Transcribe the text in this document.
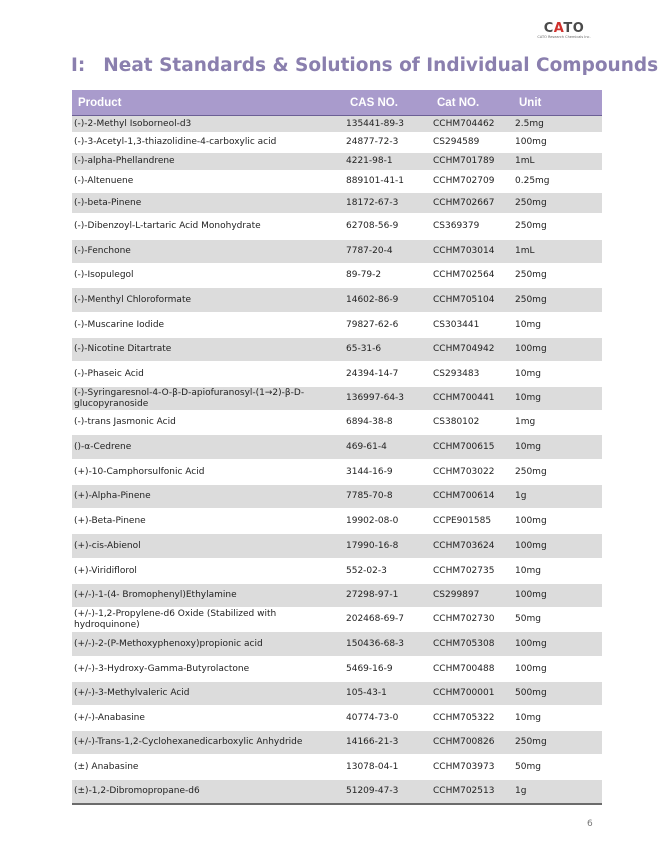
CATO
CATO Research Chemicals Inc.
Ⅰ: Neat Standards & Solutions of Individual Compounds
Product	CAS NO.	Cat NO.	Unit
(-)-2-Methyl Isoborneol-d3	135441-89-3	CCHM704462	2.5mg
(-)-3-Acetyl-1,3-thiazolidine-4-carboxylic acid	24877-72-3	CS294589	100mg
(-)-alpha-Phellandrene	4221-98-1	CCHM701789	1mL
(-)-Altenuene	889101-41-1	CCHM702709	0.25mg
(-)-beta-Pinene	18172-67-3	CCHM702667	250mg
(-)-Dibenzoyl-L-tartaric Acid Monohydrate	62708-56-9	CS369379	250mg
(-)-Fenchone	7787-20-4	CCHM703014	1mL
(-)-Isopulegol	89-79-2	CCHM702564	250mg
(-)-Menthyl Chloroformate	14602-86-9	CCHM705104	250mg
(-)-Muscarine Iodide	79827-62-6	CS303441	10mg
(-)-Nicotine Ditartrate	65-31-6	CCHM704942	100mg
(-)-Phaseic Acid	24394-14-7	CS293483	10mg
(-)-Syringaresnol-4-O-β-D-apiofuranosyl-(1→2)-β-D-glucopyranoside	136997-64-3	CCHM700441	10mg
(-)-trans Jasmonic Acid	6894-38-8	CS380102	1mg
()-α-Cedrene	469-61-4	CCHM700615	10mg
(+)-10-Camphorsulfonic Acid	3144-16-9	CCHM703022	250mg
(+)-Alpha-Pinene	7785-70-8	CCHM700614	1g
(+)-Beta-Pinene	19902-08-0	CCPE901585	100mg
(+)-cis-Abienol	17990-16-8	CCHM703624	100mg
(+)-Viridiflorol	552-02-3	CCHM702735	10mg
(+/-)-1-(4- Bromophenyl)Ethylamine	27298-97-1	CS299897	100mg
(+/-)-1,2-Propylene-d6 Oxide (Stabilized with hydroquinone)	202468-69-7	CCHM702730	50mg
(+/-)-2-(P-Methoxyphenoxy)propionic acid	150436-68-3	CCHM705308	100mg
(+/-)-3-Hydroxy-Gamma-Butyrolactone	5469-16-9	CCHM700488	100mg
(+/-)-3-Methylvaleric Acid	105-43-1	CCHM700001	500mg
(+/-)-Anabasine	40774-73-0	CCHM705322	10mg
(+/-)-Trans-1,2-Cyclohexanedicarboxylic Anhydride	14166-21-3	CCHM700826	250mg
(±) Anabasine	13078-04-1	CCHM703973	50mg
(±)-1,2-Dibromopropane-d6	51209-47-3	CCHM702513	1g
6
